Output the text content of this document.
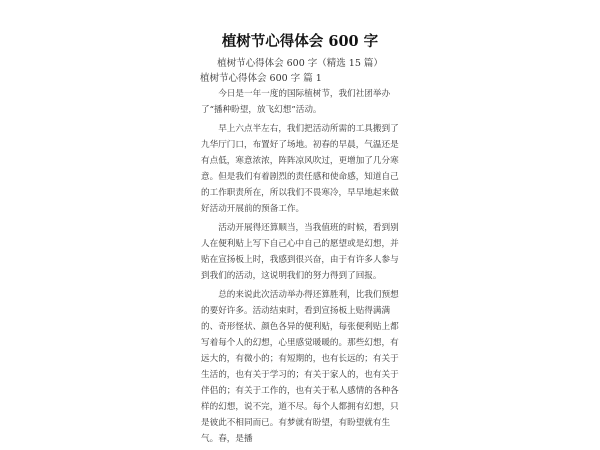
植树节心得体会 600 字
植树节心得体会 600 字（精选 15 篇）
植树节心得体会 600 字 篇 1

今日是一年一度的国际植树节，我们社团举办了“播种盼望，放飞幻想”活动。

早上六点半左右，我们把活动所需的工具搬到了九华厅门口，布置好了场地。初春的早晨，气温还是有点低，寒意浓浓，阵阵凉风吹过，更增加了几分寒意。但是我们有着剧烈的责任感和使命感，知道自己的工作职责所在，所以我们不畏寒冷，早早地起来做好活动开展前的预备工作。

活动开展得还算顺当，当我值班的时候，看到别人在便利贴上写下自己心中自己的愿望或是幻想，并贴在宣扬板上时，我感到很兴奋，由于有许多人参与到我们的活动，这说明我们的努力得到了回报。

总的来说此次活动举办得还算胜利，比我们预想的要好许多。活动结束时，看到宣扬板上贴得满满的、奇形怪状、颜色各异的便利贴，每张便利贴上都写着每个人的幻想，心里感觉暖暖的。那些幻想，有远大的，有微小的；有短期的，也有长远的；有关于生活的，也有关于学习的；有关于家人的，也有关于伴侣的；有关于工作的，也有关于私人感情的各种各样的幻想，说不完，道不尽。每个人都拥有幻想，只是彼此不相同而已。有梦就有盼望，有盼望就有生气。春，是播
